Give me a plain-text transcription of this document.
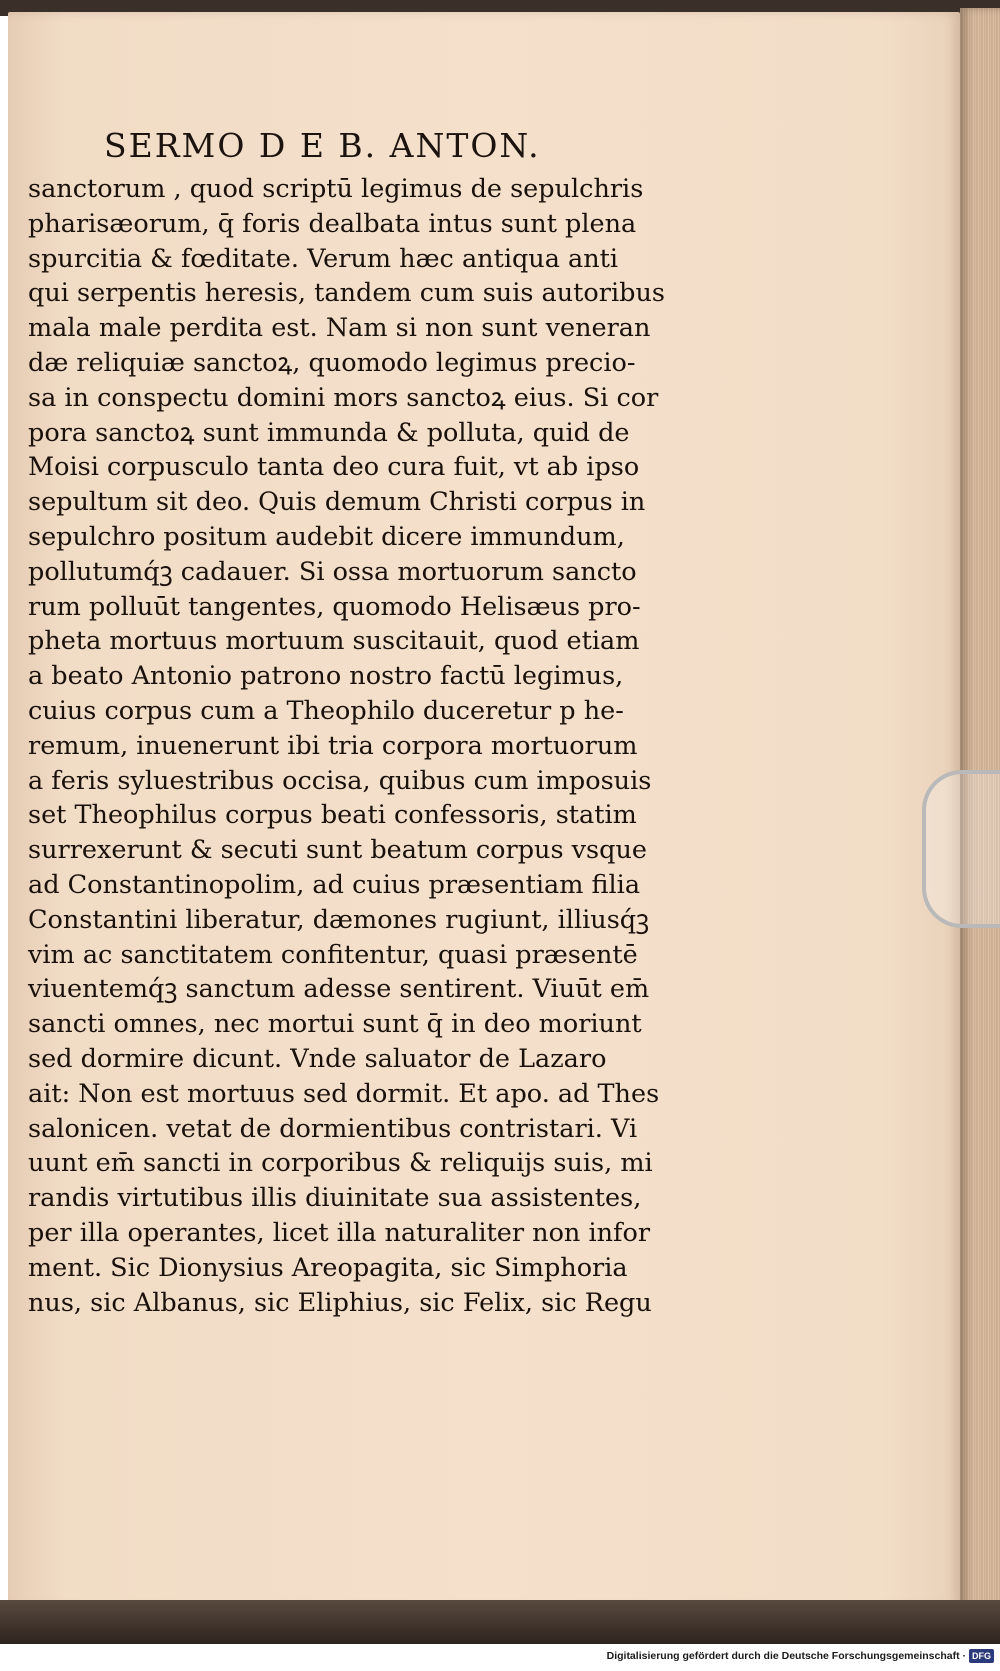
SERMO D E B. ANTON.
sanctorum , quod scriptū legimus de sepulchris
pharisæorum, q̄ foris dealbata intus sunt plena
spurcitia & fœditate. Verum hæc antiqua anti
qui serpentis heresis, tandem cum suis autoribus
mala male perdita est. Nam si non sunt veneran
dæ reliquiæ sanctoꝝ, quomodo legimus precio-
sa in conspectu domini mors sanctoꝝ eius. Si cor
pora sanctoꝝ sunt immunda & polluta, quid de
Moisi corpusculo tanta deo cura fuit, vt ab ipso
sepultum sit deo. Quis demum Christi corpus in
sepulchro positum audebit dicere immundum,
pollutumq́ꝫ cadauer. Si ossa mortuorum sancto
rum polluūt tangentes, quomodo Helisæus pro-
pheta mortuus mortuum suscitauit, quod etiam
a beato Antonio patrono nostro factū legimus,
cuius corpus cum a Theophilo duceretur p he-
remum, inuenerunt ibi tria corpora mortuorum
a feris syluestribus occisa, quibus cum imposuis
set Theophilus corpus beati confessoris, statim
surrexerunt & secuti sunt beatum corpus vsque
ad Constantinopolim, ad cuius præsentiam filia
Constantini liberatur, dæmones rugiunt, illiusq́ꝫ
vim ac sanctitatem confitentur, quasi præsentē
viuentemq́ꝫ sanctum adesse sentirent. Viuūt em̄
sancti omnes, nec mortui sunt q̄ in deo moriunt
sed dormire dicunt. Vnde saluator de Lazaro
ait: Non est mortuus sed dormit. Et apo. ad Thes
salonicen. vetat de dormientibus contristari. Vi
uunt em̄ sancti in corporibus & reliquijs suis, mi
randis virtutibus illis diuinitate sua assistentes,
per illa operantes, licet illa naturaliter non infor
ment. Sic Dionysius Areopagita, sic Simphoria
nus, sic Albanus, sic Eliphius, sic Felix, sic Regu
Digitalisierung gefördert durch die Deutsche Forschungsgemeinschaft · DFG
